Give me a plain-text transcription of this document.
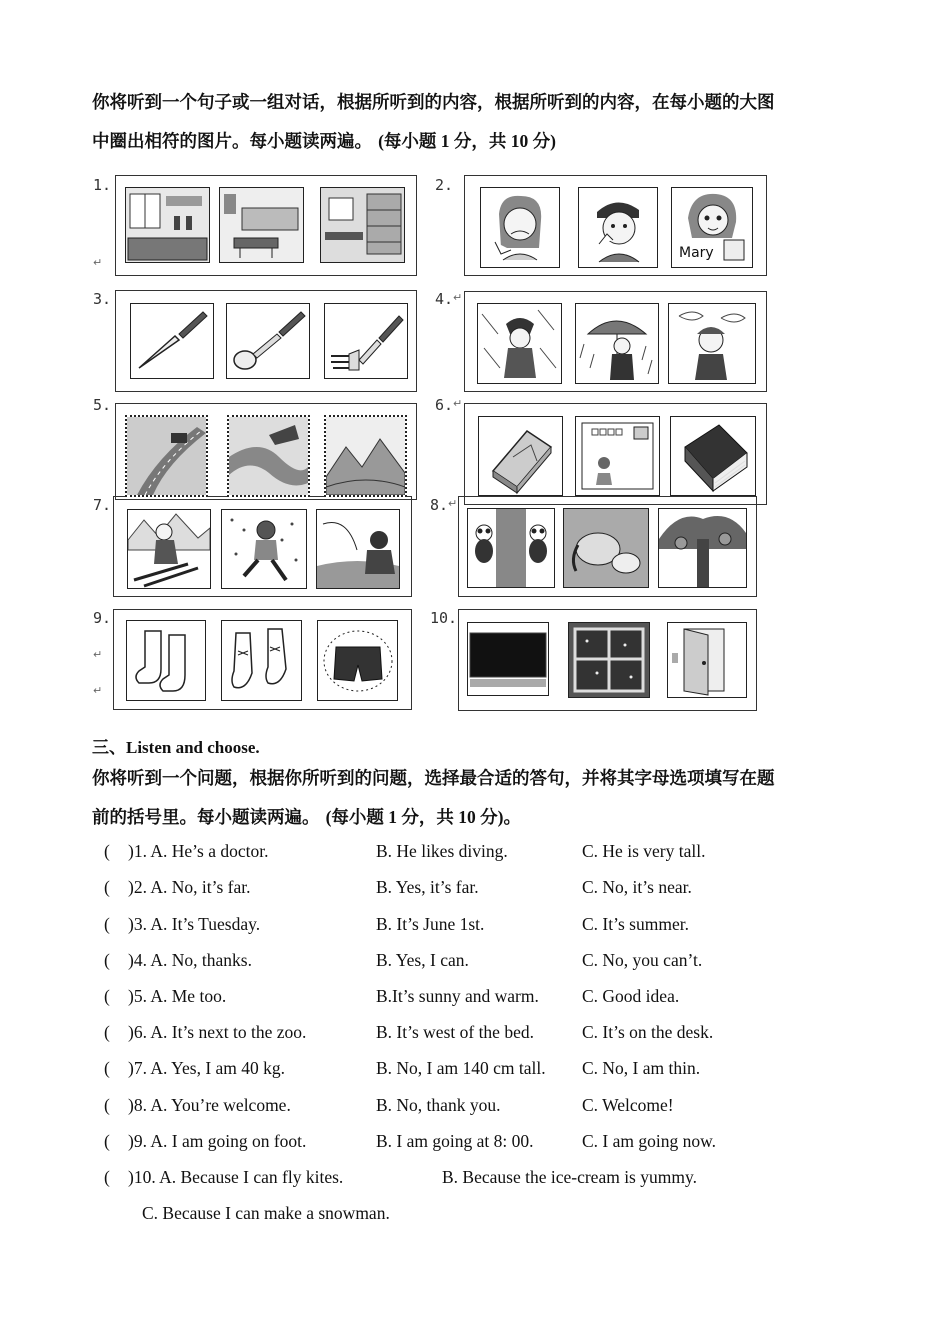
你将听到一个句子或一组对话，根据所听到的内容，根据所听到的内容，在每小题的大图
中圈出相符的图片。每小题读两遍。 (每小题 1 分，共 10 分)
1.	2.
3.	4.
5.	6.
7.	8.
9.	10.
↵
↵
↵
↵
↵
↵
Mary
三、Listen and choose.
你将听到一个问题，根据你所听到的问题，选择最合适的答句，并将其字母选项填写在题
前的括号里。每小题读两遍。 (每小题 1 分，共 10 分)。
( )1. A. He’s a doctor.	B. He likes diving.	C. He is very tall.
( )2. A. No, it’s far.	B. Yes, it’s far.	C. No, it’s near.
( )3. A. It’s Tuesday.	B. It’s June 1st.	C. It’s summer.
( )4. A. No, thanks.	B. Yes, I can.	C. No, you can’t.
( )5. A. Me too.	B.It’s sunny and warm. C. Good idea.
( )6. A. It’s next to the zoo.	B. It’s west of the bed.	C. It’s on the desk.
( )7. A. Yes, I am 40 kg.	B. No, I am 140 cm tall. C. No, I am thin.
( )8. A. You’re welcome.	B. No, thank you.	C. Welcome!
( )9. A. I am going on foot.	B. I am going at 8: 00.	C. I am going now.
( )10. A. Because I can fly kites.	B. Because the ice-cream is yummy.
C. Because I can make a snowman.
